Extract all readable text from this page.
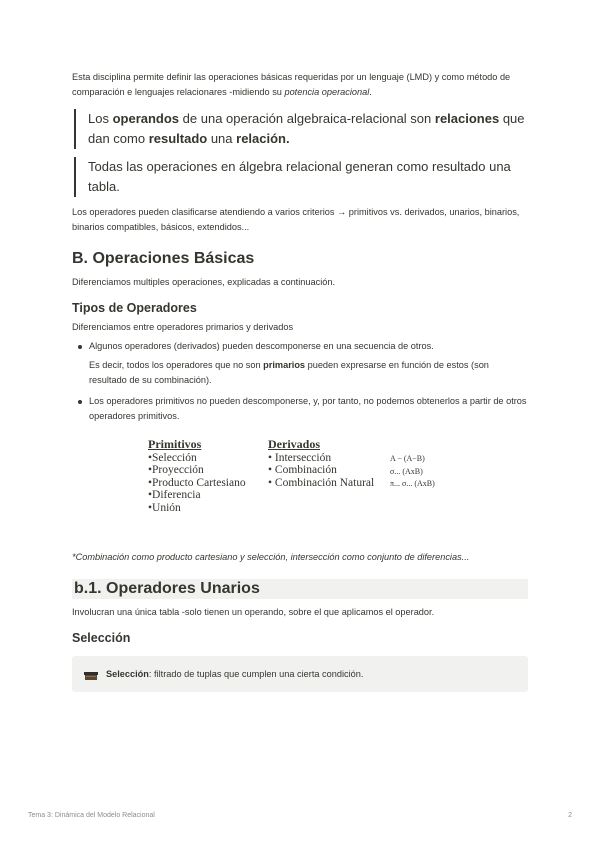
Esta disciplina permite definir las operaciones básicas requeridas por un lenguaje (LMD) y como método de comparación e lenguajes relacionares -midiendo su potencia operacional.

Los operandos de una operación algebraica-relacional son relaciones que dan como resultado una relación.
Todas las operaciones en álgebra relacional generan como resultado una tabla.

Los operadores pueden clasificarse atendiendo a varios criterios → primitivos vs. derivados, unarios, binarios, binarios compatibles, básicos, extendidos...

B. Operaciones Básicas

Diferenciamos multiples operaciones, explicadas a continuación.

Tipos de Operadores

Diferenciamos entre operadores primarios y derivados

Algunos operadores (derivados) pueden descomponerse en una secuencia de otros.
Es decir, todos los operadores que no son primarios pueden expresarse en función de estos (son resultado de su combinación).
Los operadores primitivos no pueden descomponerse, y, por tanto, no podemos obtenerlos a partir de otros operadores primitivos.
Primitivos
•Selección
•Proyección
•Producto Cartesiano
•Diferencia
•Unión
Derivados
• Intersección
• Combinación
• Combinación Natural
A − (A−B)
σ... (AxB)
π... σ... (AxB)

*Combinación como producto cartesiano y selección, intersección como conjunto de diferencias...

b.1. Operadores Unarios

Involucran una única tabla -solo tienen un operando, sobre el que aplicamos el operador.

Selección
Selección: filtrado de tuplas que cumplen una cierta condición.
Tema 3: Dinámica del Modelo Relacional	2
